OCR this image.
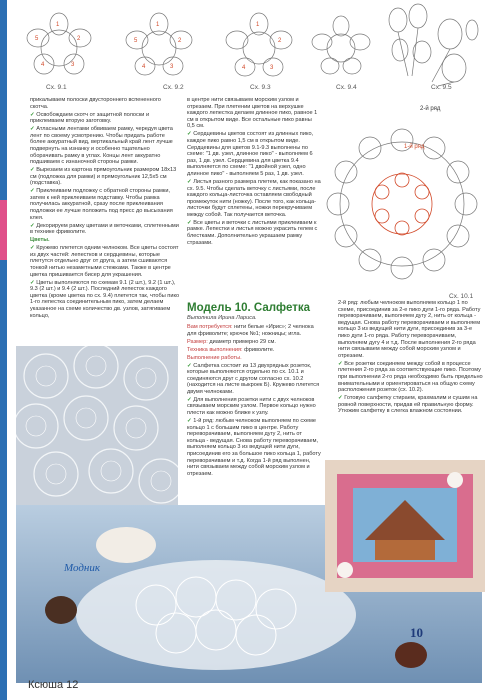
1
2
3
4
5
Сх. 9.1
1
2
3
4
5
Сх. 9.2
1
2
3
4
Сх. 9.3	Сх. 9.4	Сх. 9.5

прикалываем полоски двустороннего вспененного скотча.

✓ Освобождаем скотч от защитной полоски и приклеиваем вторую заготовку.

✓ Атласными лентами обвиваем рамку, чередуя цвета лент по своему усмотрению. Чтобы придать работе более аккуратный вид, вертикальный край лент лучше подвернуть на изнанку и особенно тщательно оборачивать рамку в углах. Концы лент аккуратно подшиваем с изнаночной стороны рамки.

✓ Вырезаем из картона прямоугольник размером 18х13 см (подложка для рамки) и прямоугольник 12,5х5 см (подставка).

✓ Приклеиваем подложку с обратной стороны рамки, затем к ней приклеиваем подставку. Чтобы рамка получилась аккуратной, сразу после приклеивания подложки ее лучше положить под пресс до высыхания клея.

✓ Декорируем рамку цветами и веточками, сплетенными в технике фриволите.

Цветы.

✓ Кружево плетется одним челноком. Все цветы состоят из двух частей: лепестков и сердцевины, которые плетутся отдельно друг от друга, а затем сшиваются тонкой нитью незаметными стежками. Также в центре цветка пришивается бисер для украшения.

✓ Цветы выполняются по схемам 9.1 (2 шт.), 9.2 (1 шт.), 9.3 (2 шт.) и 9.4 (2 шт.). Последний лепесток каждого цветка (кроме цветка по сх. 9.4) плетется так, чтобы пико 1-го лепестка соединительным пико, затем делаем указанное на схеме количество дв. узлов, затягиваем кольцо,

в центре нити связываем морским узлом и отрезаем. При плетении цветов на верхушке каждого лепестка делаем длинное пико, равное 1 см в открытом виде. Все остальные пико равны 0,5 см.

✓ Сердцевины цветов состоят из длинных пико, каждое пико равно 1,5 см в открытом виде. Сердцевины для цветов 9.1-9.3 выполнены по схеме: "1 дв. узел, длинное пико" - выполняем 6 раз, 1 дв. узел. Сердцевина для цветка 9.4 выполняется по схеме: "1 двойной узел, одно длинное пико" - выполняем 5 раз, 1 дв. узел.

✓ Листья разного размера плетем, как показано на сх. 9.5. Чтобы сделать веточку с листьями, после каждого кольца-листочка оставляем свободный промежуток нити (ножку). После того, как кольца-листочки будут сплетены, ножки перекручиваем между собой. Так получается веточка.

✓ Все цветы и веточки с листьями приклеиваем к рамке. Лепестки и листья можно украсить гелем с блестками. Дополнительно украшаем рамку стразами.

Модель 10. Салфетка
Выполнила Ирина Ларисa.

Вам потребуется: нити белые «Ирис»; 2 челнока для фриволите; крючок №1; ножницы; игла.

Размер: диаметр примерно 29 см.

Техника выполнения: фриволите.

Выполнение работы.

✓ Салфетка состоит из 13 двухрядных розеток, которые выполняются отдельно по сх. 10.1 и соединяются друг с другом согласно сх. 10.2 (находится на листе выкроек Б). Кружево плетется двумя челноками.

✓ Для выполнения розетки нити с двух челноков связываем морским узлом. Первое кольцо нужно плести как можно ближе к узлу.

✓ 1-й ряд: любым челноком выполняем по схеме кольцо 1 с большим пико в центре. Работу переворачиваем, выполняем дугу 2, нить от кольца - ведущая. Снова работу переворачиваем, выполняем кольцо 3 из ведущей нити дуги, присоединив его за большое пико кольца 1, работу переворачиваем и т.д. Когда 1-й ряд выполнен, нити связываем между собой морским узлом и отрезаем.

2-й ряд
1-й ряд
Сх. 10.1

2-й ряд: любым челноком выполняем кольцо 1 по схеме, присоединив за 2-е пико дуги 1-го ряда. Работу переворачиваем, выполняем дугу 2, нить от кольца - ведущая. Снова работу переворачиваем и выполняем кольцо 3 из ведущей нити дуги, присоединив за 3-е пико дуги 1-го ряда. Работу переворачиваем, выполняем дугу 4 и т.д. После выполнения 2-го ряда нити связываем между собой морским узлом и отрезаем.

✓ Все розетки соединяем между собой в процессе плетения 2-го ряда за соответствующие пико. Поэтому при выполнении 2-го ряда необходимо быть предельно внимательными и ориентироваться на общую схему расположения розеток (сх. 10.2).

✓ Готовую салфетку стираем, крахмалим и сушим на ровной поверхности, придав ей правильную форму. Утюжим салфетку в слегка влажном состоянии.

Модник
10
Ксюша 12
